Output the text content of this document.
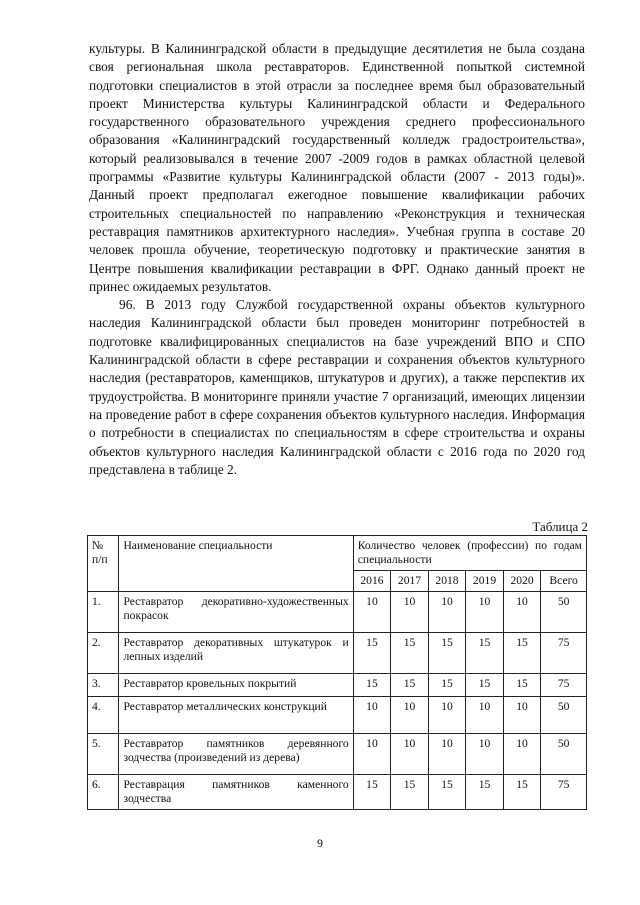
культуры. В Калининградской области в предыдущие десятилетия не была создана своя региональная школа реставраторов. Единственной попыткой системной подготовки специалистов в этой отрасли за последнее время был образовательный проект Министерства культуры Калининградской области и Федерального государственного образовательного учреждения среднего профессионального образования «Калининградский государственный колледж градостроительства», который реализовывался в течение 2007 -2009 годов в рамках областной целевой программы «Развитие культуры Калининградской области (2007 - 2013 годы)». Данный проект предполагал ежегодное повышение квалификации рабочих строительных специальностей по направлению «Реконструкция и техническая реставрация памятников архитектурного наследия». Учебная группа в составе 20 человек прошла обучение, теоретическую подготовку и практические занятия в Центре повышения квалификации реставрации в ФРГ. Однако данный проект не принес ожидаемых результатов.

96. В 2013 году Службой государственной охраны объектов культурного наследия Калининградской области был проведен мониторинг потребностей в подготовке квалифицированных специалистов на базе учреждений ВПО и СПО Калининградской области в сфере реставрации и сохранения объектов культурного наследия (реставраторов, каменщиков, штукатуров и других), а также перспектив их трудоустройства. В мониторинге приняли участие 7 организаций, имеющих лицензии на проведение работ в сфере сохранения объектов культурного наследия. Информация о потребности в специалистах по специальностям в сфере строительства и охраны объектов культурного наследия Калининградской области с 2016 года по 2020 год представлена в таблице 2.

Таблица 2
№ п/п	Наименование специальности	Количество человек (профессии) по годам специальности					
		2016	2017	2018	2019	2020	Всего
1.	Реставратор декоративно-художественных покрасок	10	10	10	10	10	50
2.	Реставратор декоративных штукатурок и лепных изделий	15	15	15	15	15	75
3.	Реставратор кровельных покрытий	15	15	15	15	15	75
4.	Реставратор металлических конструкций	10	10	10	10	10	50
5.	Реставратор памятников деревянного зодчества (произведений из дерева)	10	10	10	10	10	50
6.	Реставрация памятников каменного зодчества	15	15	15	15	15	75
9
